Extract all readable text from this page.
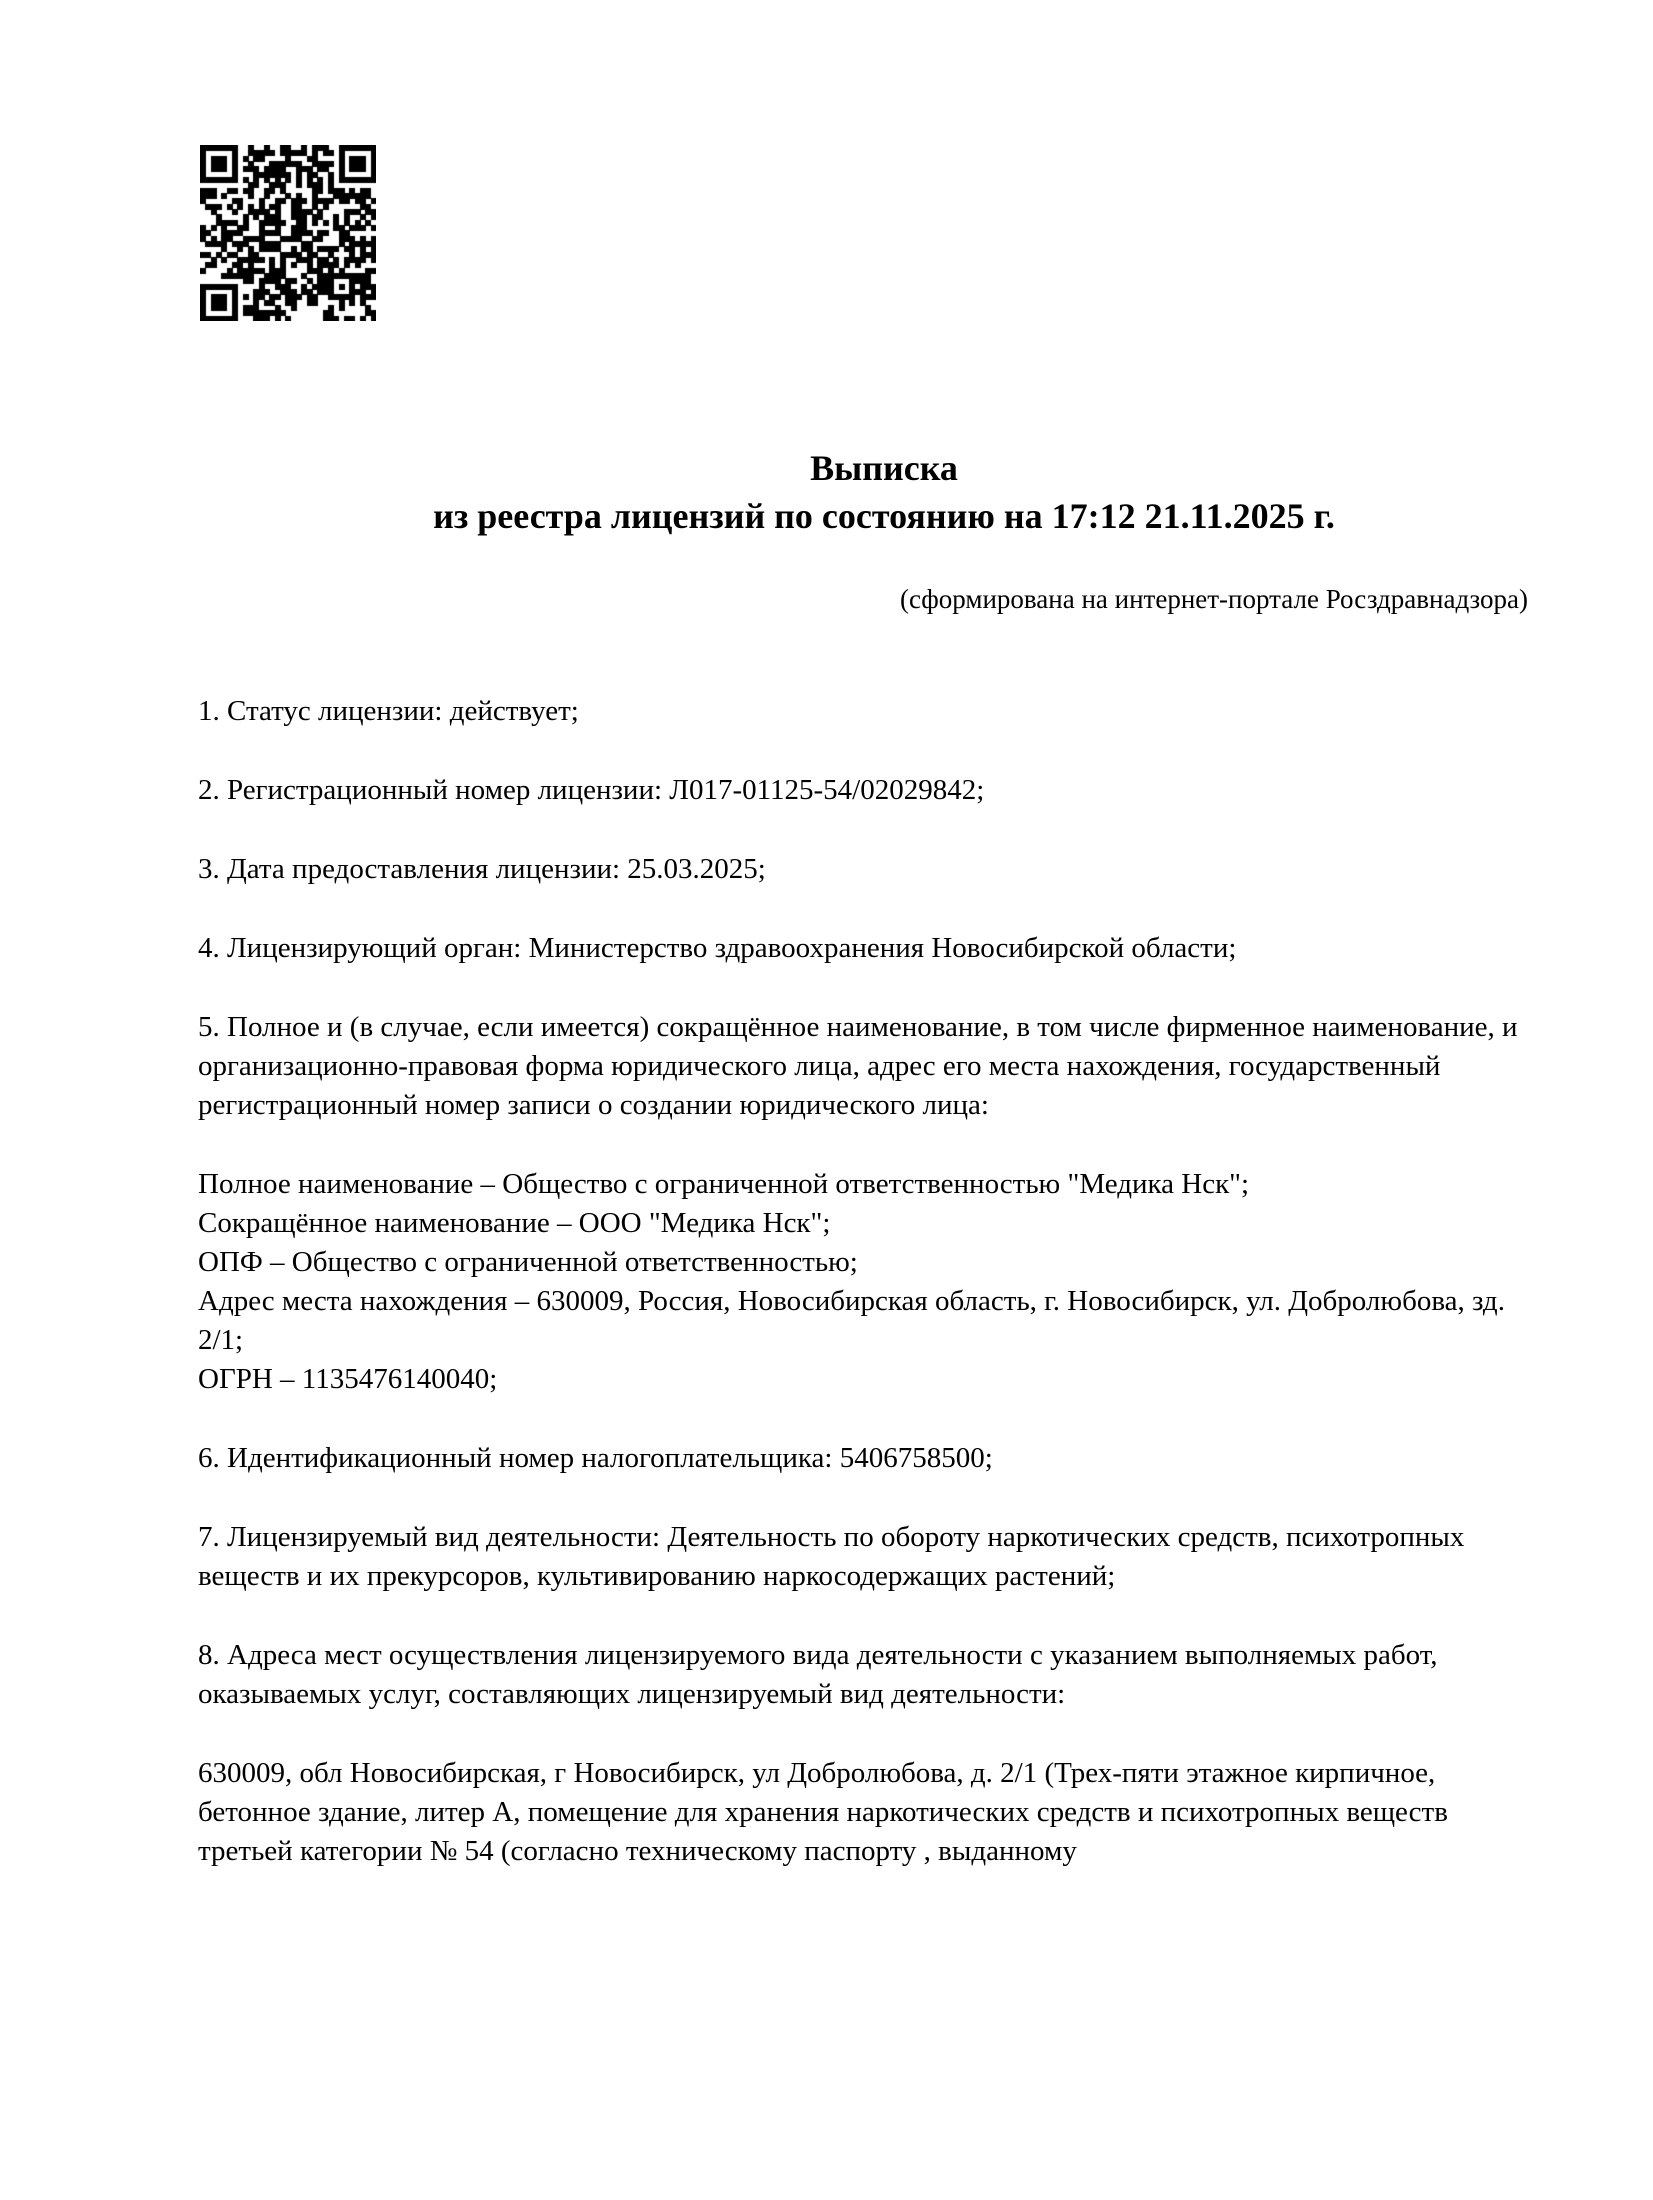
Выписка
из реестра лицензий по состоянию на 17:12 21.11.2025 г.
(сформирована на интернет-портале Росздравнадзора)
1. Статус лицензии: действует;
2. Регистрационный номер лицензии: Л017-01125-54/02029842;
3. Дата предоставления лицензии: 25.03.2025;
4. Лицензирующий орган: Министерство здравоохранения Новосибирской области;
5. Полное и (в случае, если имеется) сокращённое наименование, в том числе фирменное наименование, и организационно-правовая форма юридического лица, адрес его места нахождения, государственный регистрационный номер записи о создании юридического лица:
Полное наименование – Общество с ограниченной ответственностью "Медика Нск";
Сокращённое наименование – ООО "Медика Нск";
ОПФ – Общество с ограниченной ответственностью;
Адрес места нахождения – 630009, Россия, Новосибирская область, г. Новосибирск, ул. Добролюбова, зд. 2/1;
ОГРН – 1135476140040;
6. Идентификационный номер налогоплательщика: 5406758500;
7. Лицензируемый вид деятельности: Деятельность по обороту наркотических средств, психотропных веществ и их прекурсоров, культивированию наркосодержащих растений;
8. Адреса мест осуществления лицензируемого вида деятельности с указанием выполняемых работ, оказываемых услуг, составляющих лицензируемый вид деятельности:
630009, обл Новосибирская, г Новосибирск, ул Добролюбова, д. 2/1 (Трех-пяти этажное кирпичное, бетонное здание, литер А, помещение для хранения наркотических средств и психотропных веществ третьей категории № 54 (согласно техническому паспорту , выданному
